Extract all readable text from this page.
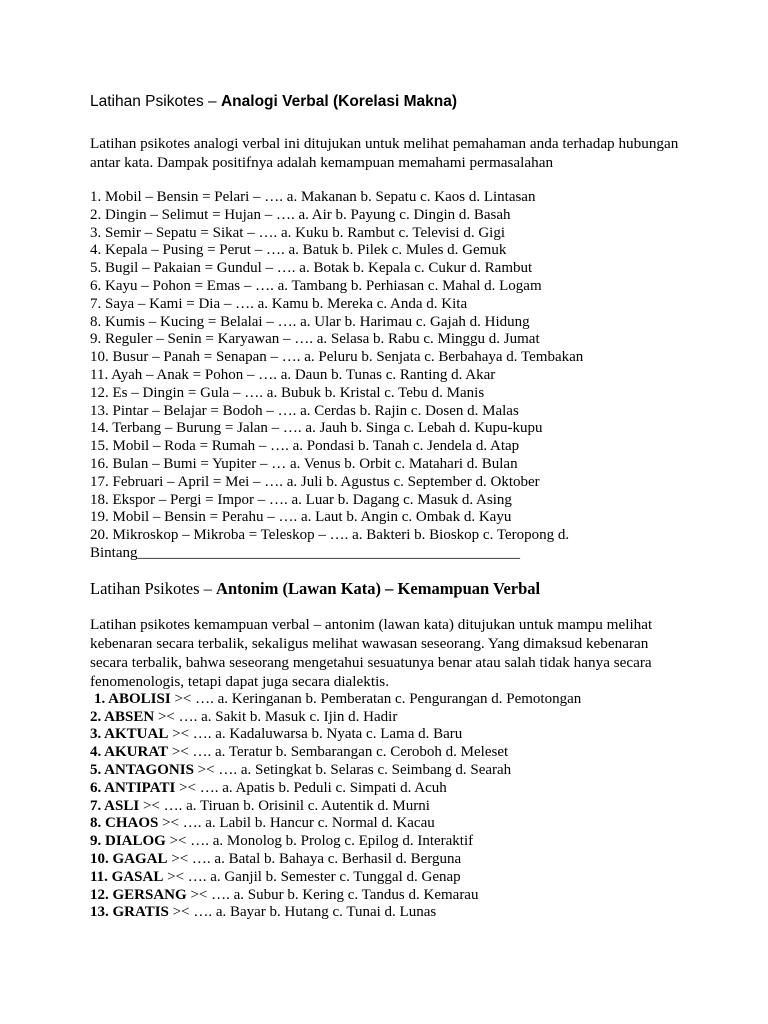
Latihan Psikotes – Analogi Verbal (Korelasi Makna)
Latihan psikotes analogi verbal ini ditujukan untuk melihat pemahaman anda terhadap hubungan antar kata. Dampak positifnya adalah kemampuan memahami permasalahan
1. Mobil – Bensin = Pelari – …. a. Makanan b. Sepatu c. Kaos d. Lintasan
2. Dingin – Selimut = Hujan – …. a. Air b. Payung c. Dingin d. Basah
3. Semir – Sepatu = Sikat – …. a. Kuku b. Rambut c. Televisi d. Gigi
4. Kepala – Pusing = Perut – …. a. Batuk b. Pilek c. Mules d. Gemuk
5. Bugil – Pakaian = Gundul – …. a. Botak b. Kepala c. Cukur d. Rambut
6. Kayu – Pohon = Emas – …. a. Tambang b. Perhiasan c. Mahal d. Logam
7. Saya – Kami = Dia – …. a. Kamu b. Mereka c. Anda d. Kita
8. Kumis – Kucing = Belalai – …. a. Ular b. Harimau c. Gajah d. Hidung
9. Reguler – Senin = Karyawan – …. a. Selasa b. Rabu c. Minggu d. Jumat
10. Busur – Panah = Senapan – …. a. Peluru b. Senjata c. Berbahaya d. Tembakan
11. Ayah – Anak = Pohon – …. a. Daun b. Tunas c. Ranting d. Akar
12. Es – Dingin = Gula – …. a. Bubuk b. Kristal c. Tebu d. Manis
13. Pintar – Belajar = Bodoh – …. a. Cerdas b. Rajin c. Dosen d. Malas
14. Terbang – Burung = Jalan – …. a. Jauh b. Singa c. Lebah d. Kupu-kupu
15. Mobil – Roda = Rumah – …. a. Pondasi b. Tanah c. Jendela d. Atap
16. Bulan – Bumi = Yupiter – … a. Venus b. Orbit c. Matahari d. Bulan
17. Februari – April = Mei – …. a. Juli b. Agustus c. September d. Oktober
18. Ekspor – Pergi = Impor – …. a. Luar b. Dagang c. Masuk d. Asing
19. Mobil – Bensin = Perahu – …. a. Laut b. Angin c. Ombak d. Kayu
20. Mikroskop – Mikroba = Teleskop – …. a. Bakteri b. Bioskop c. Teropong d.
Bintang___________________________________________________
Latihan Psikotes – Antonim (Lawan Kata) – Kemampuan Verbal
Latihan psikotes kemampuan verbal – antonim (lawan kata) ditujukan untuk mampu melihat kebenaran secara terbalik, sekaligus melihat wawasan seseorang. Yang dimaksud kebenaran secara terbalik, bahwa seseorang mengetahui sesuatunya benar atau salah tidak hanya secara fenomenologis, tetapi dapat juga secara dialektis.
1. ABOLISI >< …. a. Keringanan b. Pemberatan c. Pengurangan d. Pemotongan
2. ABSEN >< …. a. Sakit b. Masuk c. Ijin d. Hadir
3. AKTUAL >< …. a. Kadaluwarsa b. Nyata c. Lama d. Baru
4. AKURAT >< …. a. Teratur b. Sembarangan c. Ceroboh d. Meleset
5. ANTAGONIS >< …. a. Setingkat b. Selaras c. Seimbang d. Searah
6. ANTIPATI >< …. a. Apatis b. Peduli c. Simpati d. Acuh
7. ASLI >< …. a. Tiruan b. Orisinil c. Autentik d. Murni
8. CHAOS >< …. a. Labil b. Hancur c. Normal d. Kacau
9. DIALOG >< …. a. Monolog b. Prolog c. Epilog d. Interaktif
10. GAGAL >< …. a. Batal b. Bahaya c. Berhasil d. Berguna
11. GASAL >< …. a. Ganjil b. Semester c. Tunggal d. Genap
12. GERSANG >< …. a. Subur b. Kering c. Tandus d. Kemarau
13. GRATIS >< …. a. Bayar b. Hutang c. Tunai d. Lunas
